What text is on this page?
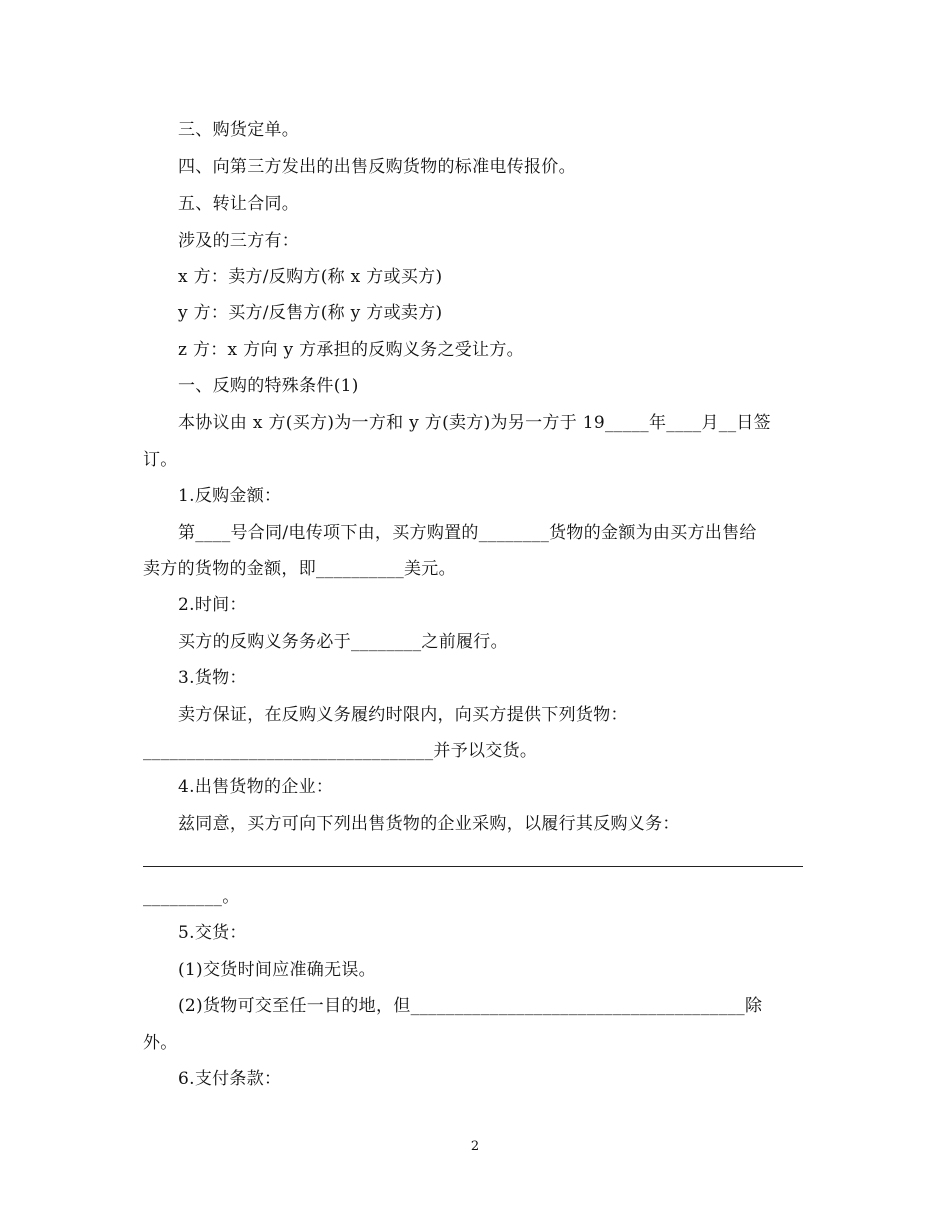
三、购货定单。
四、向第三方发出的出售反购货物的标准电传报价。
五、转让合同。
涉及的三方有：
x 方：卖方/反购方(称 x 方或买方)
y 方：买方/反售方(称 y 方或卖方)
z 方：x 方向 y 方承担的反购义务之受让方。
一、反购的特殊条件(1)
本协议由 x 方(买方)为一方和 y 方(卖方)为另一方于 19_____年____月__日签
订。
1.反购金额：
第____号合同/电传项下由，买方购置的________货物的金额为由买方出售给
卖方的货物的金额，即__________美元。
2.时间：
买方的反购义务务必于________之前履行。
3.货物：
卖方保证，在反购义务履约时限内，向买方提供下列货物：
_________________________________并予以交货。
4.出售货物的企业：
兹同意，买方可向下列出售货物的企业采购，以履行其反购义务：
_________。
5.交货：
(1)交货时间应准确无误。
(2)货物可交至任一目的地，但______________________________________除
外。
6.支付条款：
2
